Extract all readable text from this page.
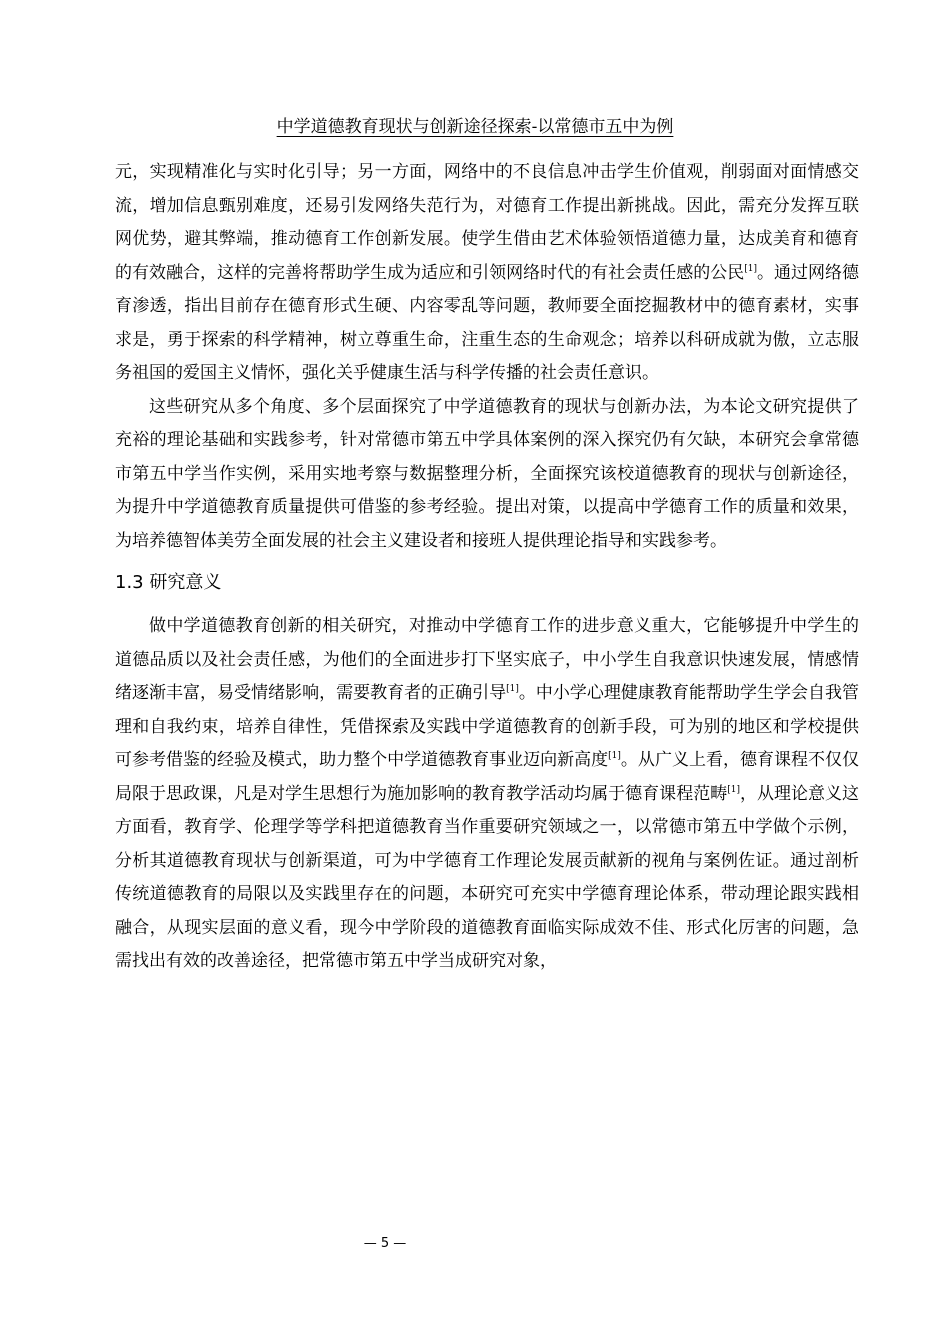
中学道德教育现状与创新途径探索-以常德市五中为例

元，实现精准化与实时化引导；另一方面，网络中的不良信息冲击学生价值观，削弱面对面情感交流，增加信息甄别难度，还易引发网络失范行为，对德育工作提出新挑战。因此，需充分发挥互联网优势，避其弊端，推动德育工作创新发展。使学生借由艺术体验领悟道德力量，达成美育和德育的有效融合，这样的完善将帮助学生成为适应和引领网络时代的有社会责任感的公民[1]。通过网络德育渗透，指出目前存在德育形式生硬、内容零乱等问题，教师要全面挖掘教材中的德育素材，实事求是，勇于探索的科学精神，树立尊重生命，注重生态的生命观念；培养以科研成就为傲，立志服务祖国的爱国主义情怀，强化关乎健康生活与科学传播的社会责任意识。

这些研究从多个角度、多个层面探究了中学道德教育的现状与创新办法，为本论文研究提供了充裕的理论基础和实践参考，针对常德市第五中学具体案例的深入探究仍有欠缺，本研究会拿常德市第五中学当作实例，采用实地考察与数据整理分析，全面探究该校道德教育的现状与创新途径，为提升中学道德教育质量提供可借鉴的参考经验。提出对策，以提高中学德育工作的质量和效果，为培养德智体美劳全面发展的社会主义建设者和接班人提供理论指导和实践参考。

1.3 研究意义

做中学道德教育创新的相关研究，对推动中学德育工作的进步意义重大，它能够提升中学生的道德品质以及社会责任感，为他们的全面进步打下坚实底子，中小学生自我意识快速发展，情感情绪逐渐丰富，易受情绪影响，需要教育者的正确引导[1]。中小学心理健康教育能帮助学生学会自我管理和自我约束，培养自律性，凭借探索及实践中学道德教育的创新手段，可为别的地区和学校提供可参考借鉴的经验及模式，助力整个中学道德教育事业迈向新高度[1]。从广义上看，德育课程不仅仅局限于思政课，凡是对学生思想行为施加影响的教育教学活动均属于德育课程范畴[1]，从理论意义这方面看，教育学、伦理学等学科把道德教育当作重要研究领域之一，以常德市第五中学做个示例，分析其道德教育现状与创新渠道，可为中学德育工作理论发展贡献新的视角与案例佐证。通过剖析传统道德教育的局限以及实践里存在的问题，本研究可充实中学德育理论体系，带动理论跟实践相融合，从现实层面的意义看，现今中学阶段的道德教育面临实际成效不佳、形式化厉害的问题，急需找出有效的改善途径，把常德市第五中学当成研究对象，

— 5 —
